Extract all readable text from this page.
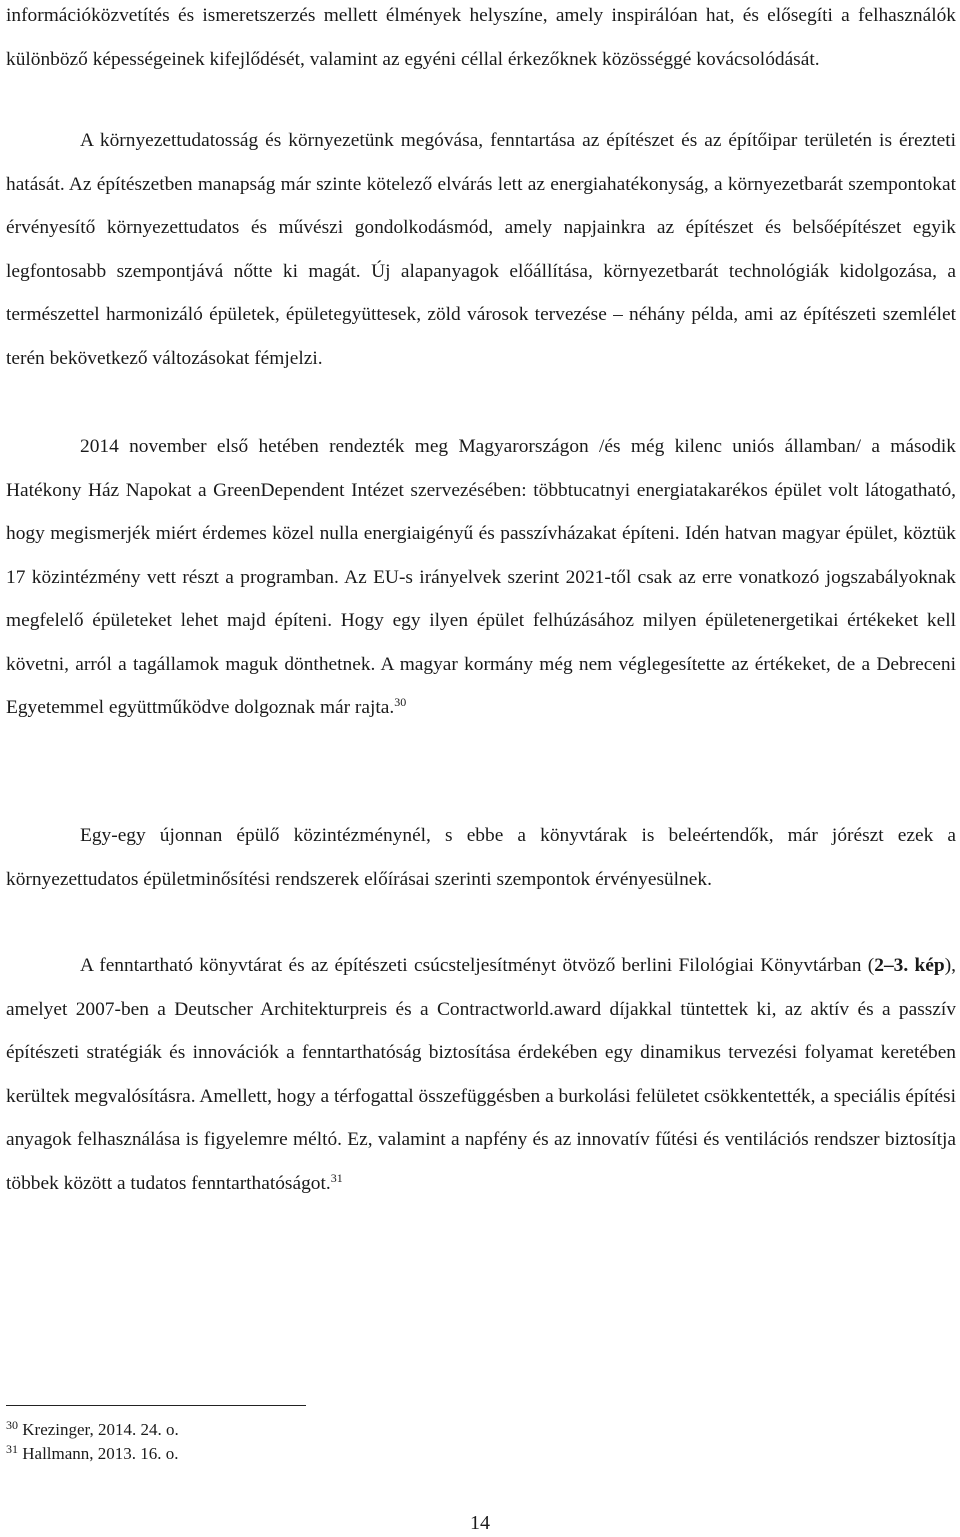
információközvetítés és ismeretszerzés mellett élmények helyszíne, amely inspirálóan hat, és elősegíti a felhasználók különböző képességeinek kifejlődését, valamint az egyéni céllal érkezőknek közösséggé kovácsolódását.

A környezettudatosság és környezetünk megóvása, fenntartása az építészet és az építőipar területén is érezteti hatását. Az építészetben manapság már szinte kötelező elvárás lett az energiahatékonyság, a környezetbarát szempontokat érvényesítő környezettudatos és művészi gondolkodásmód, amely napjainkra az építészet és belsőépítészet egyik legfontosabb szempontjává nőtte ki magát. Új alapanyagok előállítása, környezetbarát technológiák kidolgozása, a természettel harmonizáló épületek, épületegyüttesek, zöld városok tervezése – néhány példa, ami az építészeti szemlélet terén bekövetkező változásokat fémjelzi.

2014 november első hetében rendezték meg Magyarországon /és még kilenc uniós államban/ a második Hatékony Ház Napokat a GreenDependent Intézet szervezésében: többtucatnyi energiatakarékos épület volt látogatható, hogy megismerjék miért érdemes közel nulla energiaigényű és passzívházakat építeni. Idén hatvan magyar épület, köztük 17 közintézmény vett részt a programban. Az EU-s irányelvek szerint 2021-től csak az erre vonatkozó jogszabályoknak megfelelő épületeket lehet majd építeni. Hogy egy ilyen épület felhúzásához milyen épületenergetikai értékeket kell követni, arról a tagállamok maguk dönthetnek. A magyar kormány még nem véglegesítette az értékeket, de a Debreceni Egyetemmel együttműködve dolgoznak már rajta.$^{30}$

Egy-egy újonnan épülő közintézménynél, s ebbe a könyvtárak is beleértendők, már jórészt ezek a környezettudatos épületminősítési rendszerek előírásai szerinti szempontok érvényesülnek.

A fenntartható könyvtárat és az építészeti csúcsteljesítményt ötvöző berlini Filológiai Könyvtárban (2–3. kép), amelyet 2007-ben a Deutscher Architekturpreis és a Contractworld.award díjakkal tüntettek ki, az aktív és a passzív építészeti stratégiák és innovációk a fenntarthatóság biztosítása érdekében egy dinamikus tervezési folyamat keretében kerültek megvalósításra. Amellett, hogy a térfogattal összefüggésben a burkolási felületet csökkentették, a speciális építési anyagok felhasználása is figyelemre méltó. Ez, valamint a napfény és az innovatív fűtési és ventilációs rendszer biztosítja többek között a tudatos fenntarthatóságot.$^{31}$

$^{30}$ Krezinger, 2014. 24. o.

$^{31}$ Hallmann, 2013. 16. o.

14
